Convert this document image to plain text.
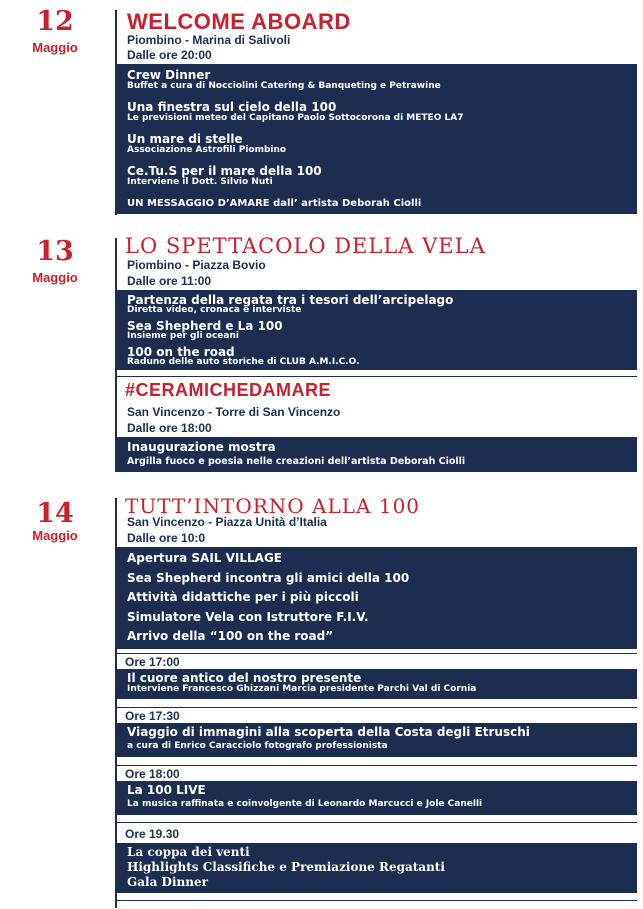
12
Maggio
WELCOME ABOARD
Piombino - Marina di Salivoli
Dalle ore 20:00
Crew Dinner
Buffet a cura di Nocciolini Catering & Banqueting e Petrawine
Una finestra sul cielo della 100
Le previsioni meteo del Capitano Paolo Sottocorona di METEO LA7
Un mare di stelle
Associazione Astrofili Piombino
Ce.Tu.S per il mare della 100
Interviene il Dott. Silvio Nuti
UN MESSAGGIO D’AMARE dall’ artista Deborah Ciolli
13
Maggio
LO SPETTACOLO DELLA VELA
Piombino - Piazza Bovio
Dalle ore 11:00
Partenza della regata tra i tesori dell’arcipelago
Diretta video, cronaca e interviste
Sea Shepherd e La 100
Insieme per gli oceani
100 on the road
Raduno delle auto storiche di CLUB A.M.I.C.O.
#CERAMICHEDAMARE
San Vincenzo - Torre di San Vincenzo
Dalle ore 18:00
Inaugurazione mostra
Argilla fuoco e poesia nelle creazioni dell’artista Deborah Ciolli
14
Maggio
TUTT’INTORNO ALLA 100
San Vincenzo - Piazza Unità d’Italia
Dalle ore 10:0
Apertura SAIL VILLAGE
Sea Shepherd incontra gli amici della 100
Attività didattiche per i più piccoli
Simulatore Vela con Istruttore F.I.V.
Arrivo della “100 on the road”
Ore 17:00
Il cuore antico del nostro presente
Interviene Francesco Ghizzani Marcia presidente Parchi Val di Cornia
Ore 17:30
Viaggio di immagini alla scoperta della Costa degli Etruschi
a cura di Enrico Caracciolo fotografo professionista
Ore 18:00
La 100 LIVE
La musica raffinata e coinvolgente di Leonardo Marcucci e Jole Canelli
Ore 19.30
La coppa dei venti
Highlights Classifiche e Premiazione Regatanti
Gala Dinner
